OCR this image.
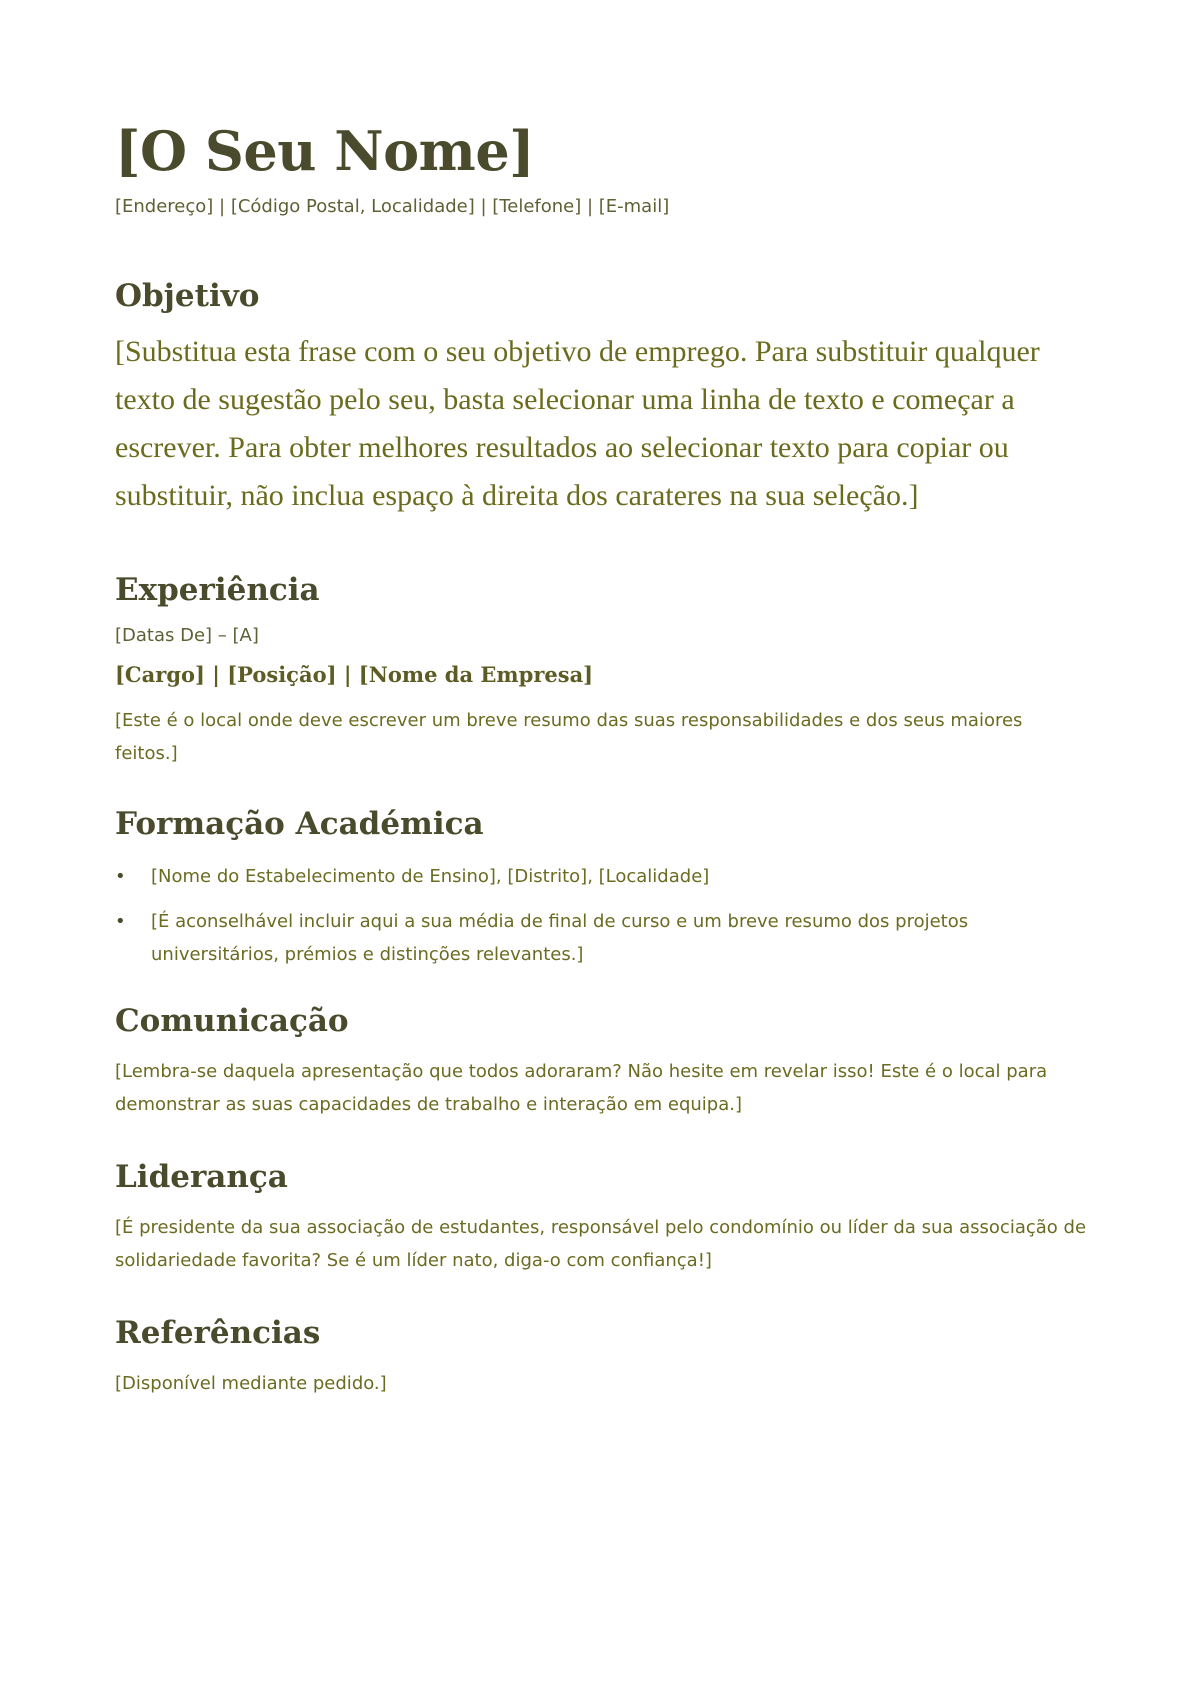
[O Seu Nome]

[Endereço] | [Código Postal, Localidade] | [Telefone] | [E-mail]

Objetivo

[Substitua esta frase com o seu objetivo de emprego. Para substituir qualquer texto de sugestão pelo seu, basta selecionar uma linha de texto e começar a escrever. Para obter melhores resultados ao selecionar texto para copiar ou substituir, não inclua espaço à direita dos carateres na sua seleção.]

Experiência

[Datas De] – [A]

[Cargo] | [Posição] | [Nome da Empresa]

[Este é o local onde deve escrever um breve resumo das suas responsabilidades e dos seus maiores feitos.]

Formação Académica
• [Nome do Estabelecimento de Ensino], [Distrito], [Localidade]
• [É aconselhável incluir aqui a sua média de final de curso e um breve resumo dos projetos universitários, prémios e distinções relevantes.]
Comunicação

[Lembra-se daquela apresentação que todos adoraram? Não hesite em revelar isso! Este é o local para demonstrar as suas capacidades de trabalho e interação em equipa.]

Liderança

[É presidente da sua associação de estudantes, responsável pelo condomínio ou líder da sua associação de solidariedade favorita? Se é um líder nato, diga-o com confiança!]

Referências

[Disponível mediante pedido.]
